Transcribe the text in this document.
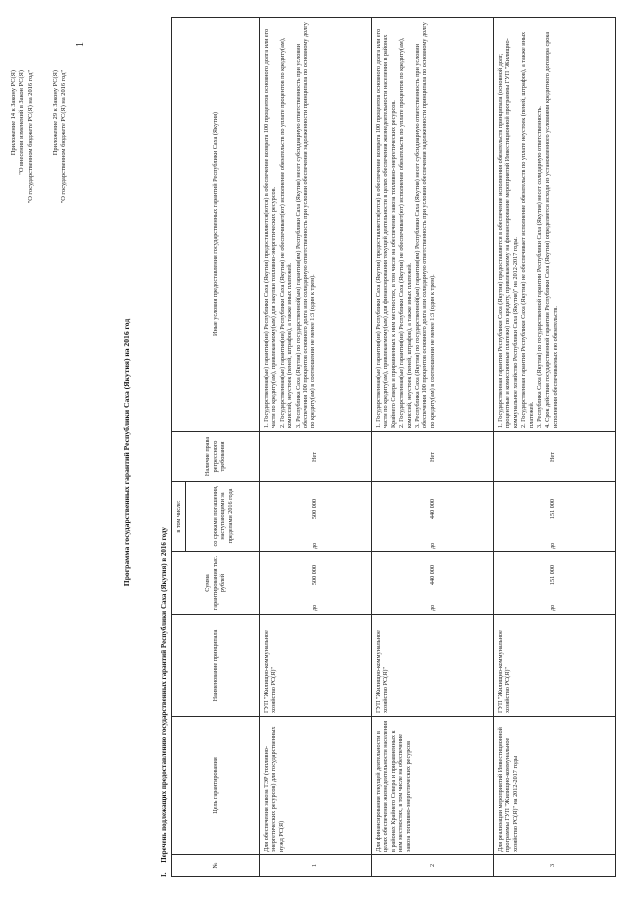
1

Приложение 14 к Закону РС(Я) "О внесении изменений в Закон РС(Я) "О государственном бюджете РС(Я) на 2016 год"	Приложение 29 к Закону РС(Я) "О государственном бюджете РС(Я) на 2016 год"

Программа государственных гарантий Республики Саха (Якутия) на 2016 год
I. Перечень подлежащих предоставлению государственных гарантий Республики Саха (Якутия) в 2016 году
№
Цель гарантирования
Наименование принципала
Сумма гарантирования тыс. рублей
в том числе:	со сроками погашения, наступающими за пределами 2016 года
Наличие права регрессного требования
Иные условия предоставления государственных гарантий Республики Саха (Якутия)
1
Для обеспечения завоза ТЭР (топливно-энергетических ресурсов) для государственных нужд РС(Я)
ГУП "Жилищно-коммунальное хозяйство РС(Я)"
до
500 000
до
500 000
Нет

1. Государственная(ые) гарантия(ии) Республики Саха (Якутия) предоставляется(ются) в обеспечение возврата 100 процентов основного долга или его части по кредиту(ам), привлекаемому(ым) для закупки топливно-энергетических ресурсов. 2. Государственная(ые) гарантия(ии) Республики Саха (Якутия) не обеспечивает(ют) исполнение обязательств по уплате процентов по кредиту(ам), комиссий, неустоек (пеней, штрафов), а также иных платежей. 3. Республика Саха (Якутия) по государственной(ым) гарантии(ям) Республики Саха (Якутия) несет субсидиарную ответственность при условии обеспечения 100 процентов основного долга или солидарную ответственность при условии обеспечения задолженности принципала по основному долгу по кредиту(ам) в соотношении не менее 1:3 (один к трем).

2
Для финансирования текущей деятельности в целях обеспечения жизнедеятельности населения в районах Крайнего Севера и приравненных к ним местностях, в том числе на обеспечение завоза топливно-энергетических ресурсов
ГУП "Жилищно-коммунальное хозяйство РС(Я)"
до
440 000
до
440 000
Нет

1. Государственная(ые) гарантия(ии) Республики Саха (Якутия) предоставляется(ются) в обеспечение возврата 100 процентов основного долга или его части по кредиту(ам), привлекаемому(ым) для финансирования текущей деятельности в целях обеспечения жизнедеятельности населения в районах Крайнего Севера и приравненных к ним местностях, в том числе на обеспечение завоза топливно-энергетических ресурсов. 2. Государственная(ые) гарантия(ии) Республики Саха (Якутия) не обеспечивает(ют) исполнение обязательств по уплате процентов по кредиту(ам), комиссий, неустоек (пеней, штрафов), а также иных платежей. 3. Республика Саха (Якутия) по государственной(ым) гарантии(ям) Республики Саха (Якутия) несет субсидиарную ответственность при условии обеспечения 100 процентов основного долга или солидарную ответственность при условии обеспечения задолженности принципала по основному долгу по кредиту(ам) в соотношении не менее 1:3 (один к трем).

3
Для реализации мероприятий Инвестиционной программы ГУП "Жилищно-коммунальное хозяйство РС(Я)" на 2012-2017 годы
ГУП "Жилищно-коммунальное хозяйство РС(Я)"
до
151 000
до
151 000
Нет

1. Государственная гарантия Республики Саха (Якутия) предоставляется в обеспечение исполнения обязательств принципала (основной долг, процентные и комиссионные платежи) по кредиту, привлекаемому на финансирование мероприятий Инвестиционной программы ГУП "Жилищно-коммунальное хозяйство Республики Саха (Якутия)" на 2012-2017 годы. 2. Государственная гарантия Республики Саха (Якутия) не обеспечивает исполнение обязательств по уплате неустоек (пеней, штрафов), а также иных платежей. 3. Республика Саха (Якутия) по государственной гарантии Республики Саха (Якутия) несет солидарную ответственность. 4. Срок действия государственной гарантии Республики Саха (Якутия) определяется исходя из установленного условиями кредитного договора срока исполнения обеспечиваемых ею обязательств.
